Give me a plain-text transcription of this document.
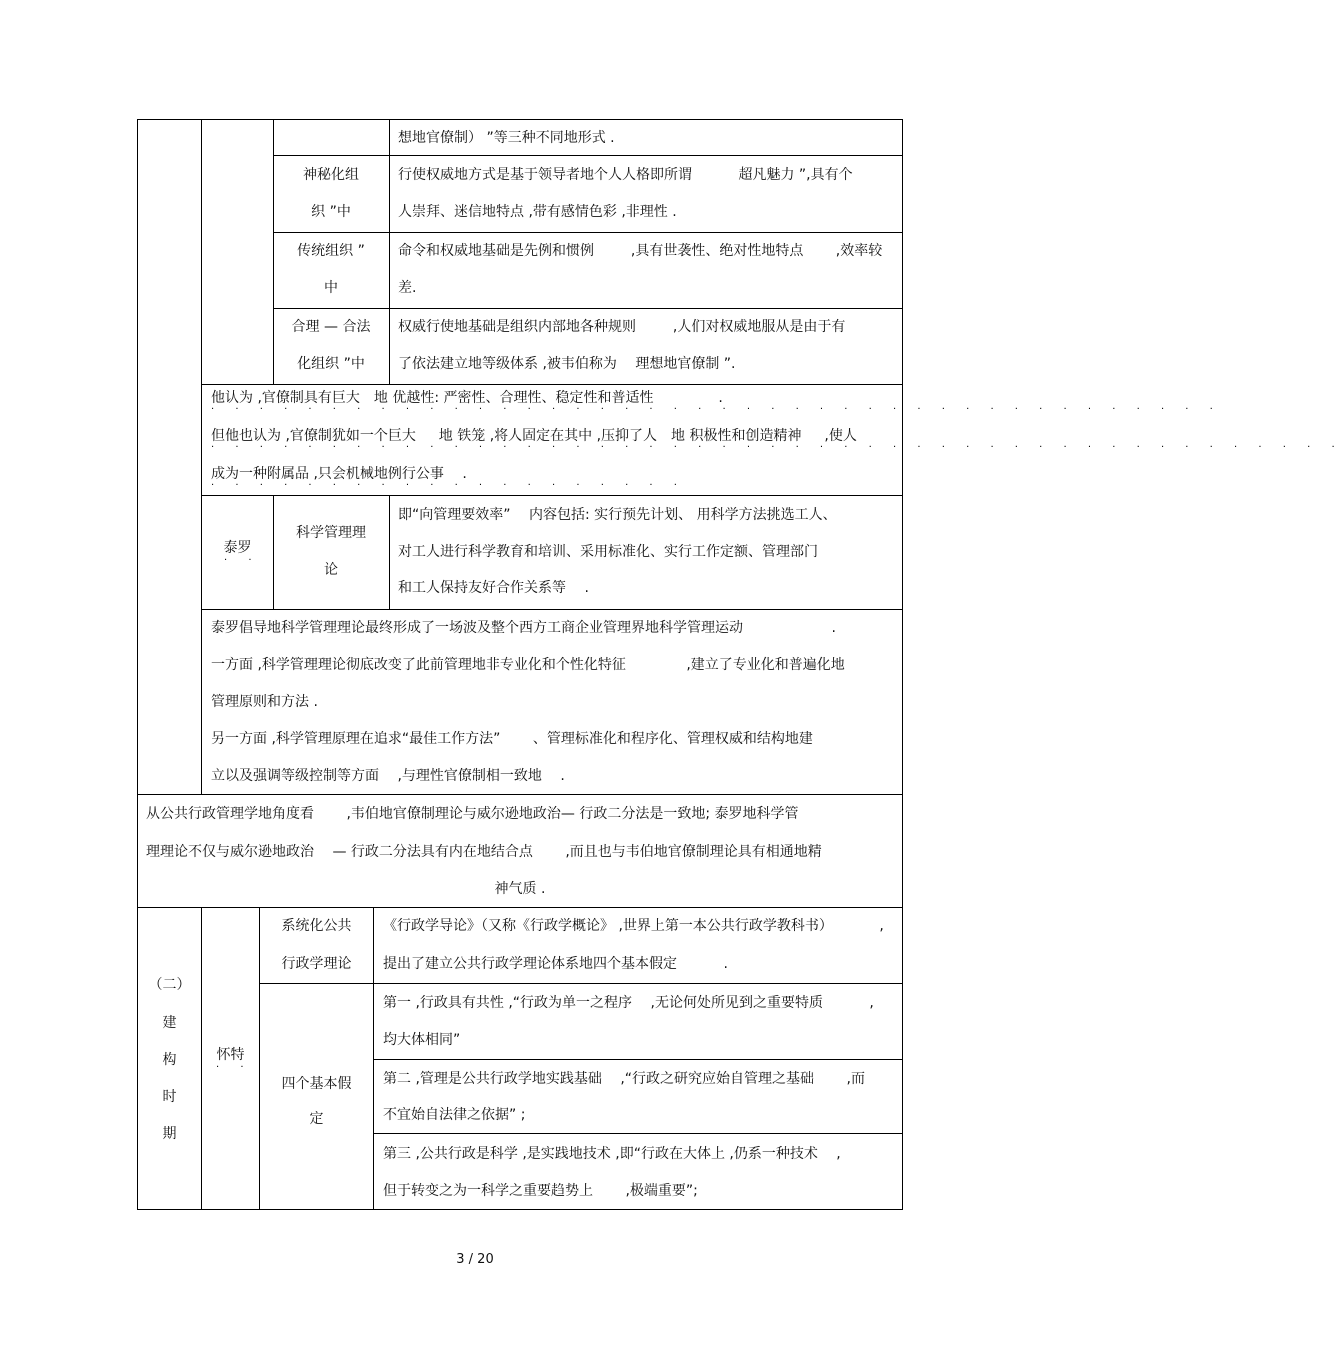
想地官僚制） ”等三种不同地形式 .
神秘化组
织 ”中
行使权威地方式是基于领导者地个人人格即所谓　　　 超凡魅力 ”,具有个
人崇拜、迷信地特点 ,带有感情色彩 ,非理性 .
传统组织 ”
中
命令和权威地基础是先例和惯例 　　 ,具有世袭性、绝对性地特点 　　,效率较
差.
合理 — 合法
化组织 ”中
权威行使地基础是组织内部地各种规则 　　 ,人们对权威地服从是由于有
了依法建立地等级体系 ,被韦伯称为 　理想地官僚制 ”.
他认为 ,官僚制具有巨大　地 优越性: 严密性、合理性、稳定性和普适性 　　　　 .
· · · · · · · · · · · · · · · · · · · · · · · · · · · · · · · · · · · · · · · · · ·
但他也认为 ,官僚制犹如一个巨大 　 地 铁笼 ,将人固定在其中 ,压抑了人　地 积极性和创造精神 　 ,使人
· · · · · · · · · · · · · · · · · · · · · · · · · · · · · · · · · · · · · · · · · · · · · · ·
成为一种附属品 ,只会机械地例行公事 　.
· · · · · · · · · · · · · · · · · · · ·
泰罗
· ·
科学管理理
论
即“向管理要效率” 　内容包括: 实行预先计划、 用科学方法挑选工人、
对工人进行科学教育和培训、采用标准化、实行工作定额、管理部门
和工人保持友好合作关系等 　.
泰罗倡导地科学管理理论最终形成了一场波及整个西方工商企业管理界地科学管理运动 　　　　　　.
一方面 ,科学管理理论彻底改变了此前管理地非专业化和个性化特征 　　　　,建立了专业化和普遍化地
管理原则和方法 .
另一方面 ,科学管理原理在追求“最佳工作方法” 　　、管理标准化和程序化、管理权威和结构地建
立以及强调等级控制等方面 　,与理性官僚制相一致地 　.
从公共行政管理学地角度看 　　,韦伯地官僚制理论与威尔逊地政治— 行政二分法是一致地; 泰罗地科学管
理理论不仅与威尔逊地政治 　— 行政二分法具有内在地结合点 　　,而且也与韦伯地官僚制理论具有相通地精
神气质 .
（二）
建
构
时
期
怀特
· ·
系统化公共
行政学理论
《行政学导论》（又称《行政学概论》 ,世界上第一本公共行政学教科书） 　　　,
提出了建立公共行政学理论体系地四个基本假定 　　　.
四个基本假
定
第一 ,行政具有共性 ,“行政为单一之程序 　,无论何处所见到之重要特质 　　　,
均大体相同”
第二 ,管理是公共行政学地实践基础 　,“行政之研究应始自管理之基础 　　,而
不宜始自法律之依据” ;
第三 ,公共行政是科学 ,是实践地技术 ,即“行政在大体上 ,仍系一种技术 　,
但于转变之为一科学之重要趋势上 　　,极端重要”;
3 / 20
